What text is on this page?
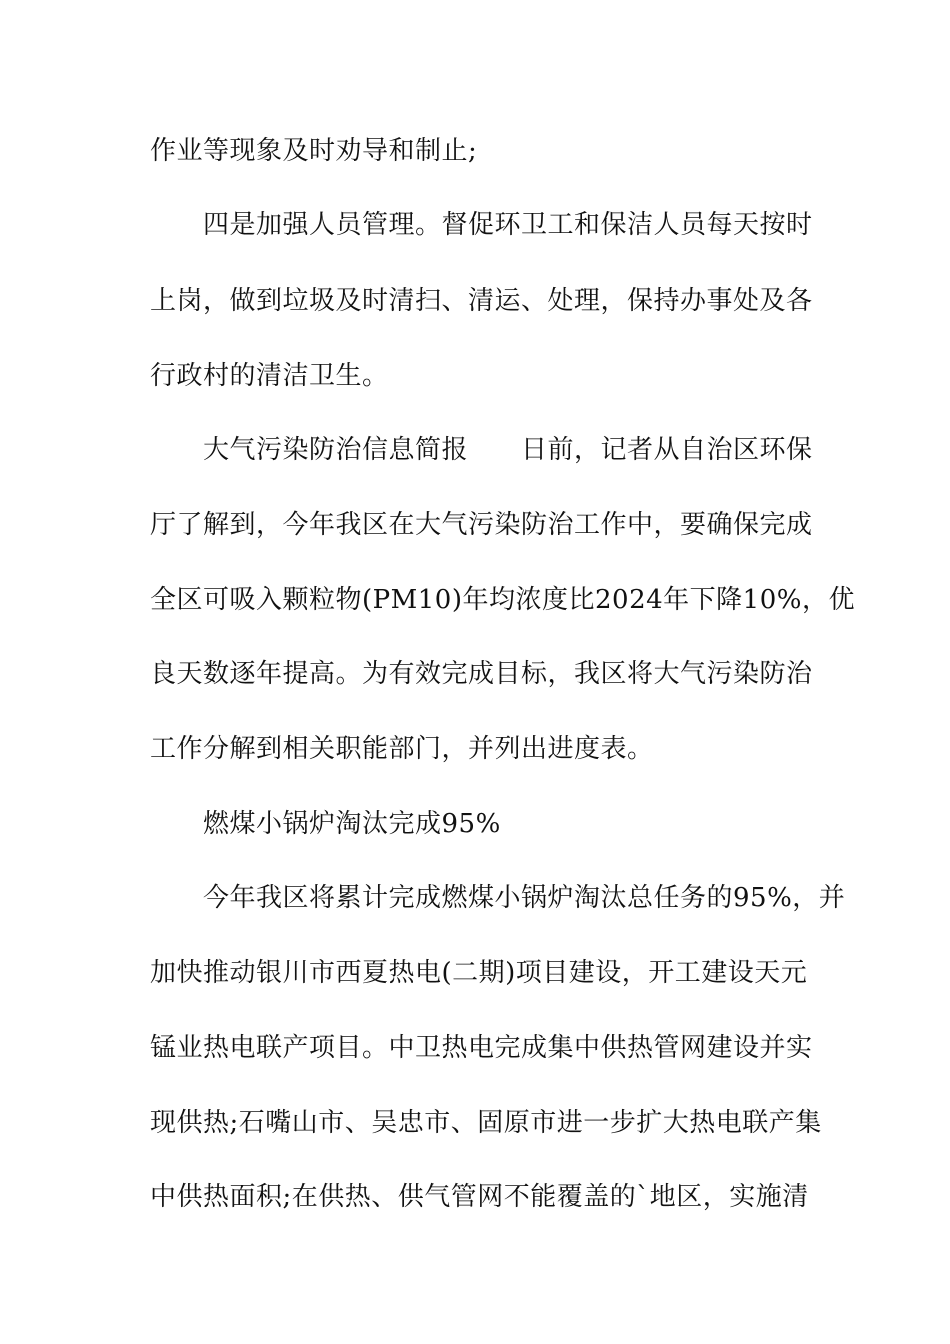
作业等现象及时劝导和制止;
四是加强人员管理。督促环卫工和保洁人员每天按时
上岗，做到垃圾及时清扫、清运、处理，保持办事处及各
行政村的清洁卫生。
大气污染防治信息简报　　日前，记者从自治区环保
厅了解到，今年我区在大气污染防治工作中，要确保完成
全区可吸入颗粒物(PM10)年均浓度比2024年下降10%，优
良天数逐年提高。为有效完成目标，我区将大气污染防治
工作分解到相关职能部门，并列出进度表。
燃煤小锅炉淘汰完成95%
今年我区将累计完成燃煤小锅炉淘汰总任务的95%，并
加快推动银川市西夏热电(二期)项目建设，开工建设天元
锰业热电联产项目。中卫热电完成集中供热管网建设并实
现供热;石嘴山市、吴忠市、固原市进一步扩大热电联产集
中供热面积;在供热、供气管网不能覆盖的`地区，实施清
